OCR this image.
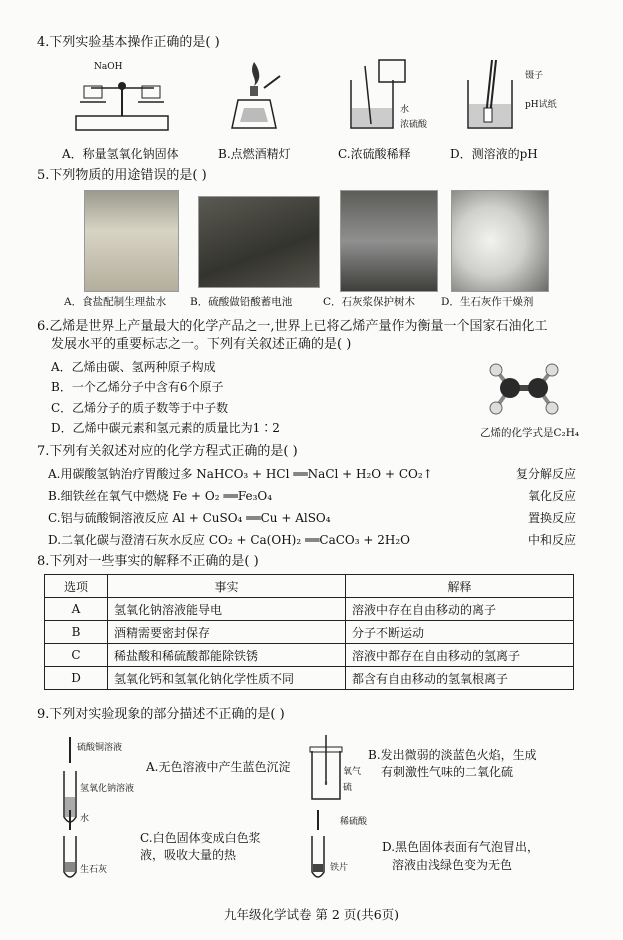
4.下列实验基本操作正确的是( )
NaOH
水
浓硫酸
镊子
pH试纸
A．称量氢氧化钠固体	B.点燃酒精灯	C.浓硫酸稀释	D．测溶液的pH
5.下列物质的用途错误的是( )
A．食盐配制生理盐水 B．硫酸做铅酸蓄电池	C．石灰浆保护树木 D．生石灰作干燥剂
6.乙烯是世界上产量最大的化学产品之一,世界上已将乙烯产量作为衡量一个国家石油化工
发展水平的重要标志之一。下列有关叙述正确的是( )
A．乙烯由碳、氢两种原子构成
B．一个乙烯分子中含有6个原子
C．乙烯分子的质子数等于中子数
D．乙烯中碳元素和氢元素的质量比为1∶2	乙烯的化学式是C₂H₄
7.下列有关叙述对应的化学方程式正确的是( )
A.用碳酸氢钠治疗胃酸过多 NaHCO₃ + HCl ══NaCl + H₂O + CO₂↑	复分解反应
B.细铁丝在氧气中燃烧 Fe + O₂ ══Fe₃O₄	氧化反应
C.铝与硫酸铜溶液反应 Al + CuSO₄ ══Cu + AlSO₄	置换反应
D.二氧化碳与澄清石灰水反应 CO₂ + Ca(OH)₂ ══CaCO₃ + 2H₂O	中和反应
8.下列对一些事实的解释不正确的是( )
选项	事实	解释
A	氢氧化钠溶液能导电	溶液中存在自由移动的离子
B	酒精需要密封保存	分子不断运动
C	稀盐酸和稀硫酸都能除铁锈	溶液中都存在自由移动的氢离子
D	氢氧化钙和氢氧化钠化学性质不同	都含有自由移动的氢氧根离子
9.下列对实验现象的部分描述不正确的是( )
硫酸铜溶液
氢氧化钠溶液
A.无色溶液中产生蓝色沉淀	氧气
硫
B.发出微弱的淡蓝色火焰，生成
有刺激性气味的二氧化硫
水
生石灰
C.白色固体变成白色浆
液，吸收大量的热
稀硫酸
铁片
D.黑色固体表面有气泡冒出，
溶液由浅绿色变为无色
九年级化学试卷 第 2 页(共6页)
